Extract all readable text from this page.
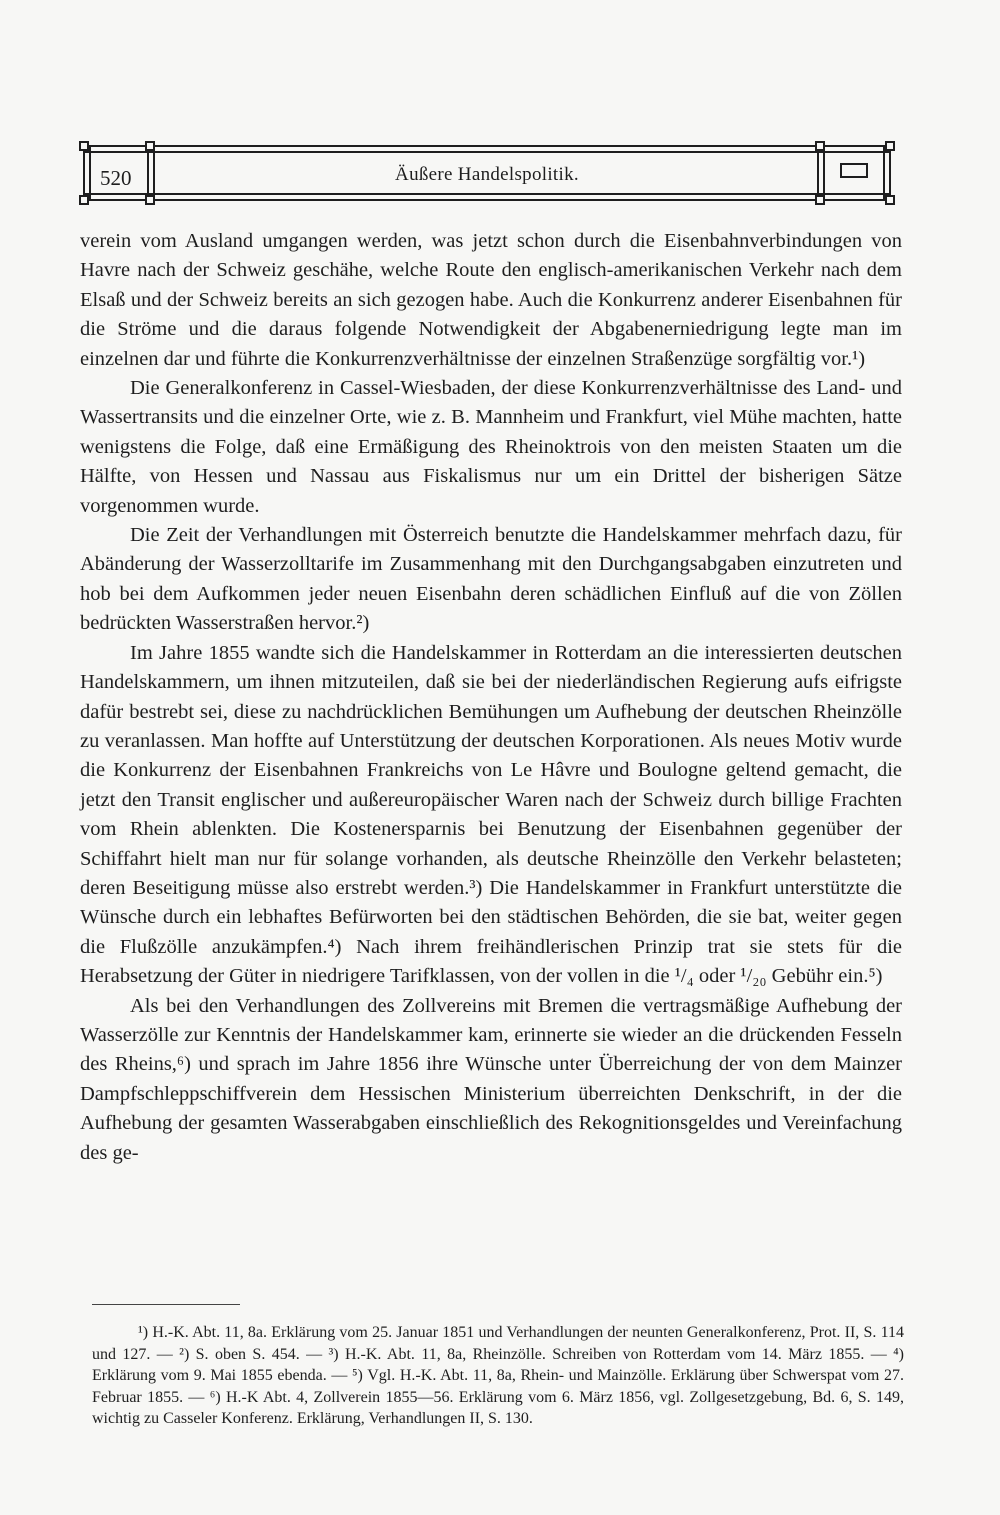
520	Äußere Handelspolitik.

verein vom Ausland umgangen werden, was jetzt schon durch die Eisenbahnverbindungen von Havre nach der Schweiz geschähe, welche Route den englisch-amerikanischen Verkehr nach dem Elsaß und der Schweiz bereits an sich gezogen habe. Auch die Konkurrenz anderer Eisenbahnen für die Ströme und die daraus folgende Notwendigkeit der Abgabenerniedrigung legte man im einzelnen dar und führte die Konkurrenzverhältnisse der einzelnen Straßenzüge sorgfältig vor.¹)

Die Generalkonferenz in Cassel-Wiesbaden, der diese Konkurrenzverhältnisse des Land- und Wassertransits und die einzelner Orte, wie z. B. Mannheim und Frankfurt, viel Mühe machten, hatte wenigstens die Folge, daß eine Ermäßigung des Rheinoktrois von den meisten Staaten um die Hälfte, von Hessen und Nassau aus Fiskalismus nur um ein Drittel der bisherigen Sätze vorgenommen wurde.

Die Zeit der Verhandlungen mit Österreich benutzte die Handelskammer mehrfach dazu, für Abänderung der Wasserzolltarife im Zusammenhang mit den Durchgangsabgaben einzutreten und hob bei dem Aufkommen jeder neuen Eisenbahn deren schädlichen Einfluß auf die von Zöllen bedrückten Wasserstraßen hervor.²)

Im Jahre 1855 wandte sich die Handelskammer in Rotterdam an die interessierten deutschen Handelskammern, um ihnen mitzuteilen, daß sie bei der niederländischen Regierung aufs eifrigste dafür bestrebt sei, diese zu nachdrücklichen Bemühungen um Aufhebung der deutschen Rheinzölle zu veranlassen. Man hoffte auf Unterstützung der deutschen Korporationen. Als neues Motiv wurde die Konkurrenz der Eisenbahnen Frankreichs von Le Hâvre und Boulogne geltend gemacht, die jetzt den Transit englischer und außereuropäischer Waren nach der Schweiz durch billige Frachten vom Rhein ablenkten. Die Kostenersparnis bei Benutzung der Eisenbahnen gegenüber der Schiffahrt hielt man nur für solange vorhanden, als deutsche Rheinzölle den Verkehr belasteten; deren Beseitigung müsse also erstrebt werden.³) Die Handelskammer in Frankfurt unterstützte die Wünsche durch ein lebhaftes Befürworten bei den städtischen Behörden, die sie bat, weiter gegen die Flußzölle anzukämpfen.⁴) Nach ihrem freihändlerischen Prinzip trat sie stets für die Herabsetzung der Güter in niedrigere Tarifklassen, von der vollen in die ¹/₄ oder ¹/₂₀ Gebühr ein.⁵)

Als bei den Verhandlungen des Zollvereins mit Bremen die vertragsmäßige Aufhebung der Wasserzölle zur Kenntnis der Handelskammer kam, erinnerte sie wieder an die drückenden Fesseln des Rheins,⁶) und sprach im Jahre 1856 ihre Wünsche unter Überreichung der von dem Mainzer Dampfschleppschiffverein dem Hessischen Ministerium überreichten Denkschrift, in der die Aufhebung der gesamten Wasserabgaben einschließlich des Rekognitionsgeldes und Vereinfachung des ge-

¹) H.-K. Abt. 11, 8a. Erklärung vom 25. Januar 1851 und Verhandlungen der neunten Generalkonferenz, Prot. II, S. 114 und 127. — ²) S. oben S. 454. — ³) H.-K. Abt. 11, 8a, Rheinzölle. Schreiben von Rotterdam vom 14. März 1855. — ⁴) Erklärung vom 9. Mai 1855 ebenda. — ⁵) Vgl. H.-K. Abt. 11, 8a, Rhein- und Mainzölle. Erklärung über Schwerspat vom 27. Februar 1855. — ⁶) H.-K Abt. 4, Zollverein 1855—56. Erklärung vom 6. März 1856, vgl. Zollgesetzgebung, Bd. 6, S. 149, wichtig zu Casseler Konferenz. Erklärung, Verhandlungen II, S. 130.
